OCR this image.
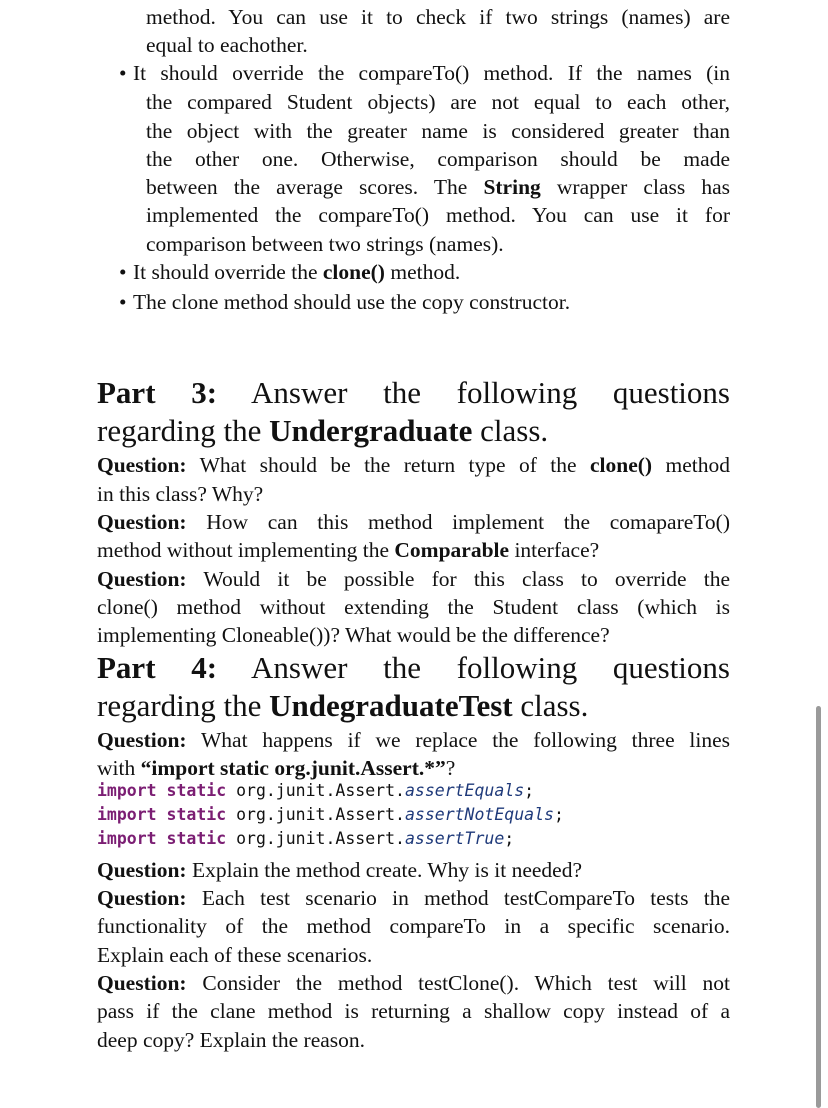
method. You can use it to check if two strings (names) are

equal to eachother.

• It should override the compareTo() method. If the names (in

the compared Student objects) are not equal to each other,

the object with the greater name is considered greater than

the other one. Otherwise, comparison should be made

between the average scores. The String wrapper class has

implemented the compareTo() method. You can use it for

comparison between two strings (names).

• It should override the clone() method.

• The clone method should use the copy constructor.

Part 3: Answer the following questions

regarding the Undergraduate class.

Question: What should be the return type of the clone() method

in this class? Why?

Question: How can this method implement the comapareTo()

method without implementing the Comparable interface?

Question: Would it be possible for this class to override the

clone() method without extending the Student class (which is

implementing Cloneable())? What would be the difference?

Part 4: Answer the following questions

regarding the UndegraduateTest class.

Question: What happens if we replace the following three lines

with “import static org.junit.Assert.*”?

import static org.junit.Assert.assertEquals;

import static org.junit.Assert.assertNotEquals;

import static org.junit.Assert.assertTrue;

Question: Explain the method create. Why is it needed?

Question: Each test scenario in method testCompareTo tests the

functionality of the method compareTo in a specific scenario.

Explain each of these scenarios.

Question: Consider the method testClone(). Which test will not

pass if the clane method is returning a shallow copy instead of a

deep copy? Explain the reason.
